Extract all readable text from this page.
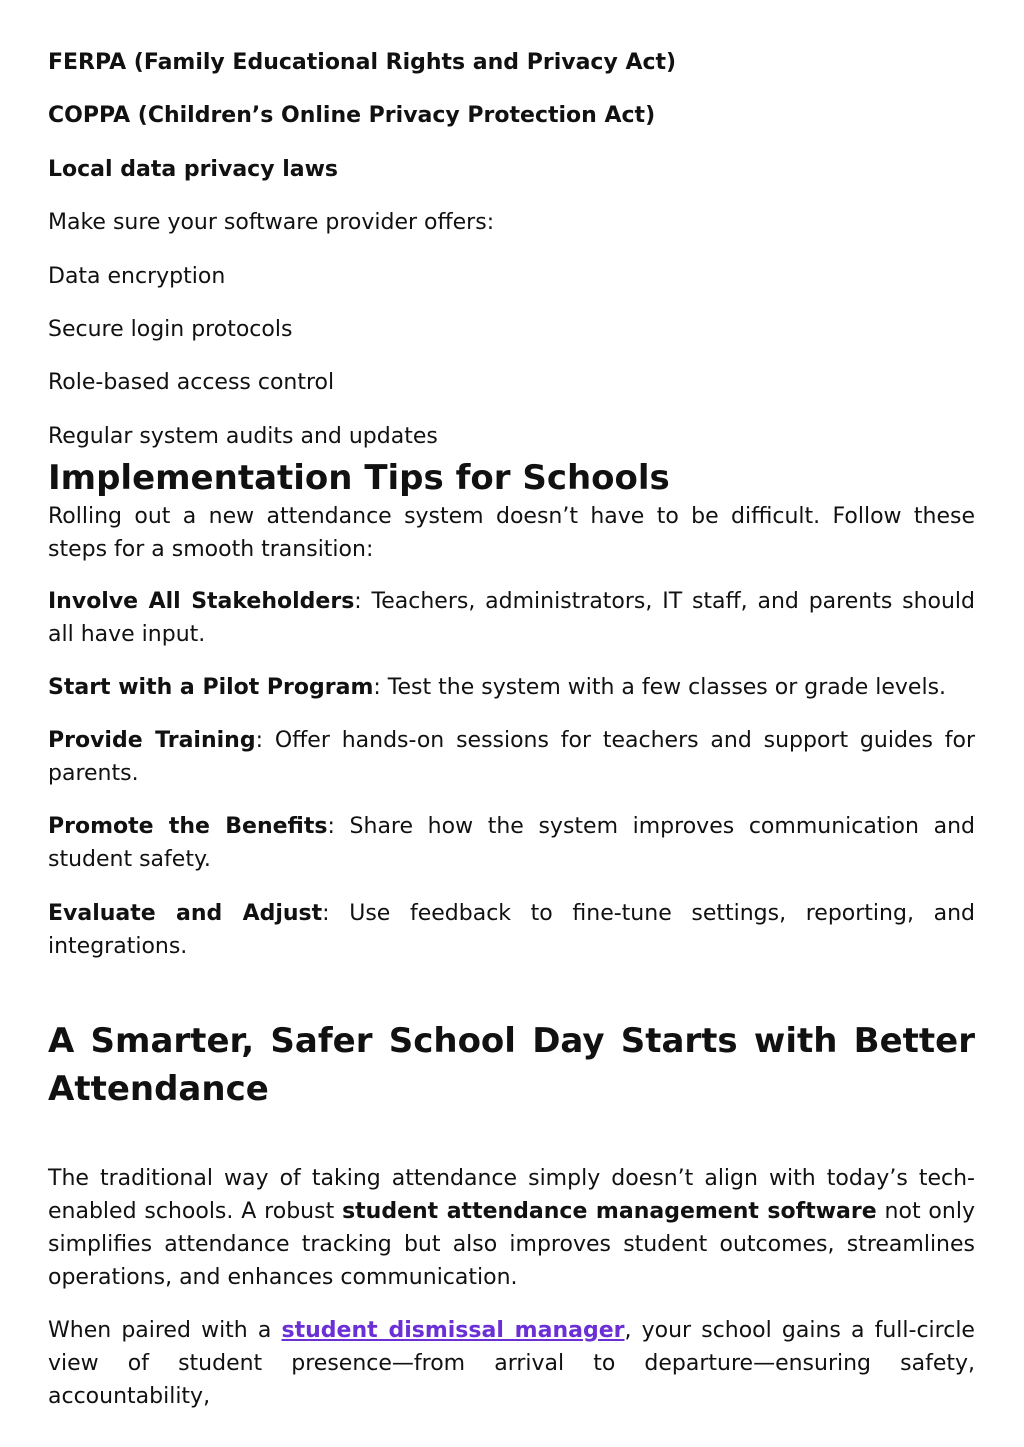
FERPA (Family Educational Rights and Privacy Act)

COPPA (Children’s Online Privacy Protection Act)

Local data privacy laws

Make sure your software provider offers:

Data encryption

Secure login protocols

Role-based access control

Regular system audits and updates

Implementation Tips for Schools

Rolling out a new attendance system doesn’t have to be difficult. Follow these steps for a smooth transition:

Involve All Stakeholders: Teachers, administrators, IT staff, and parents should all have input.

Start with a Pilot Program: Test the system with a few classes or grade levels.

Provide Training: Offer hands-on sessions for teachers and support guides for parents.

Promote the Benefits: Share how the system improves communication and student safety.

Evaluate and Adjust: Use feedback to fine-tune settings, reporting, and integrations.

A Smarter, Safer School Day Starts with Better Attendance

The traditional way of taking attendance simply doesn’t align with today’s tech-enabled schools. A robust student attendance management software not only simplifies attendance tracking but also improves student outcomes, streamlines operations, and enhances communication.

When paired with a student dismissal manager, your school gains a full-circle view of student presence—from arrival to departure—ensuring safety, accountability,
